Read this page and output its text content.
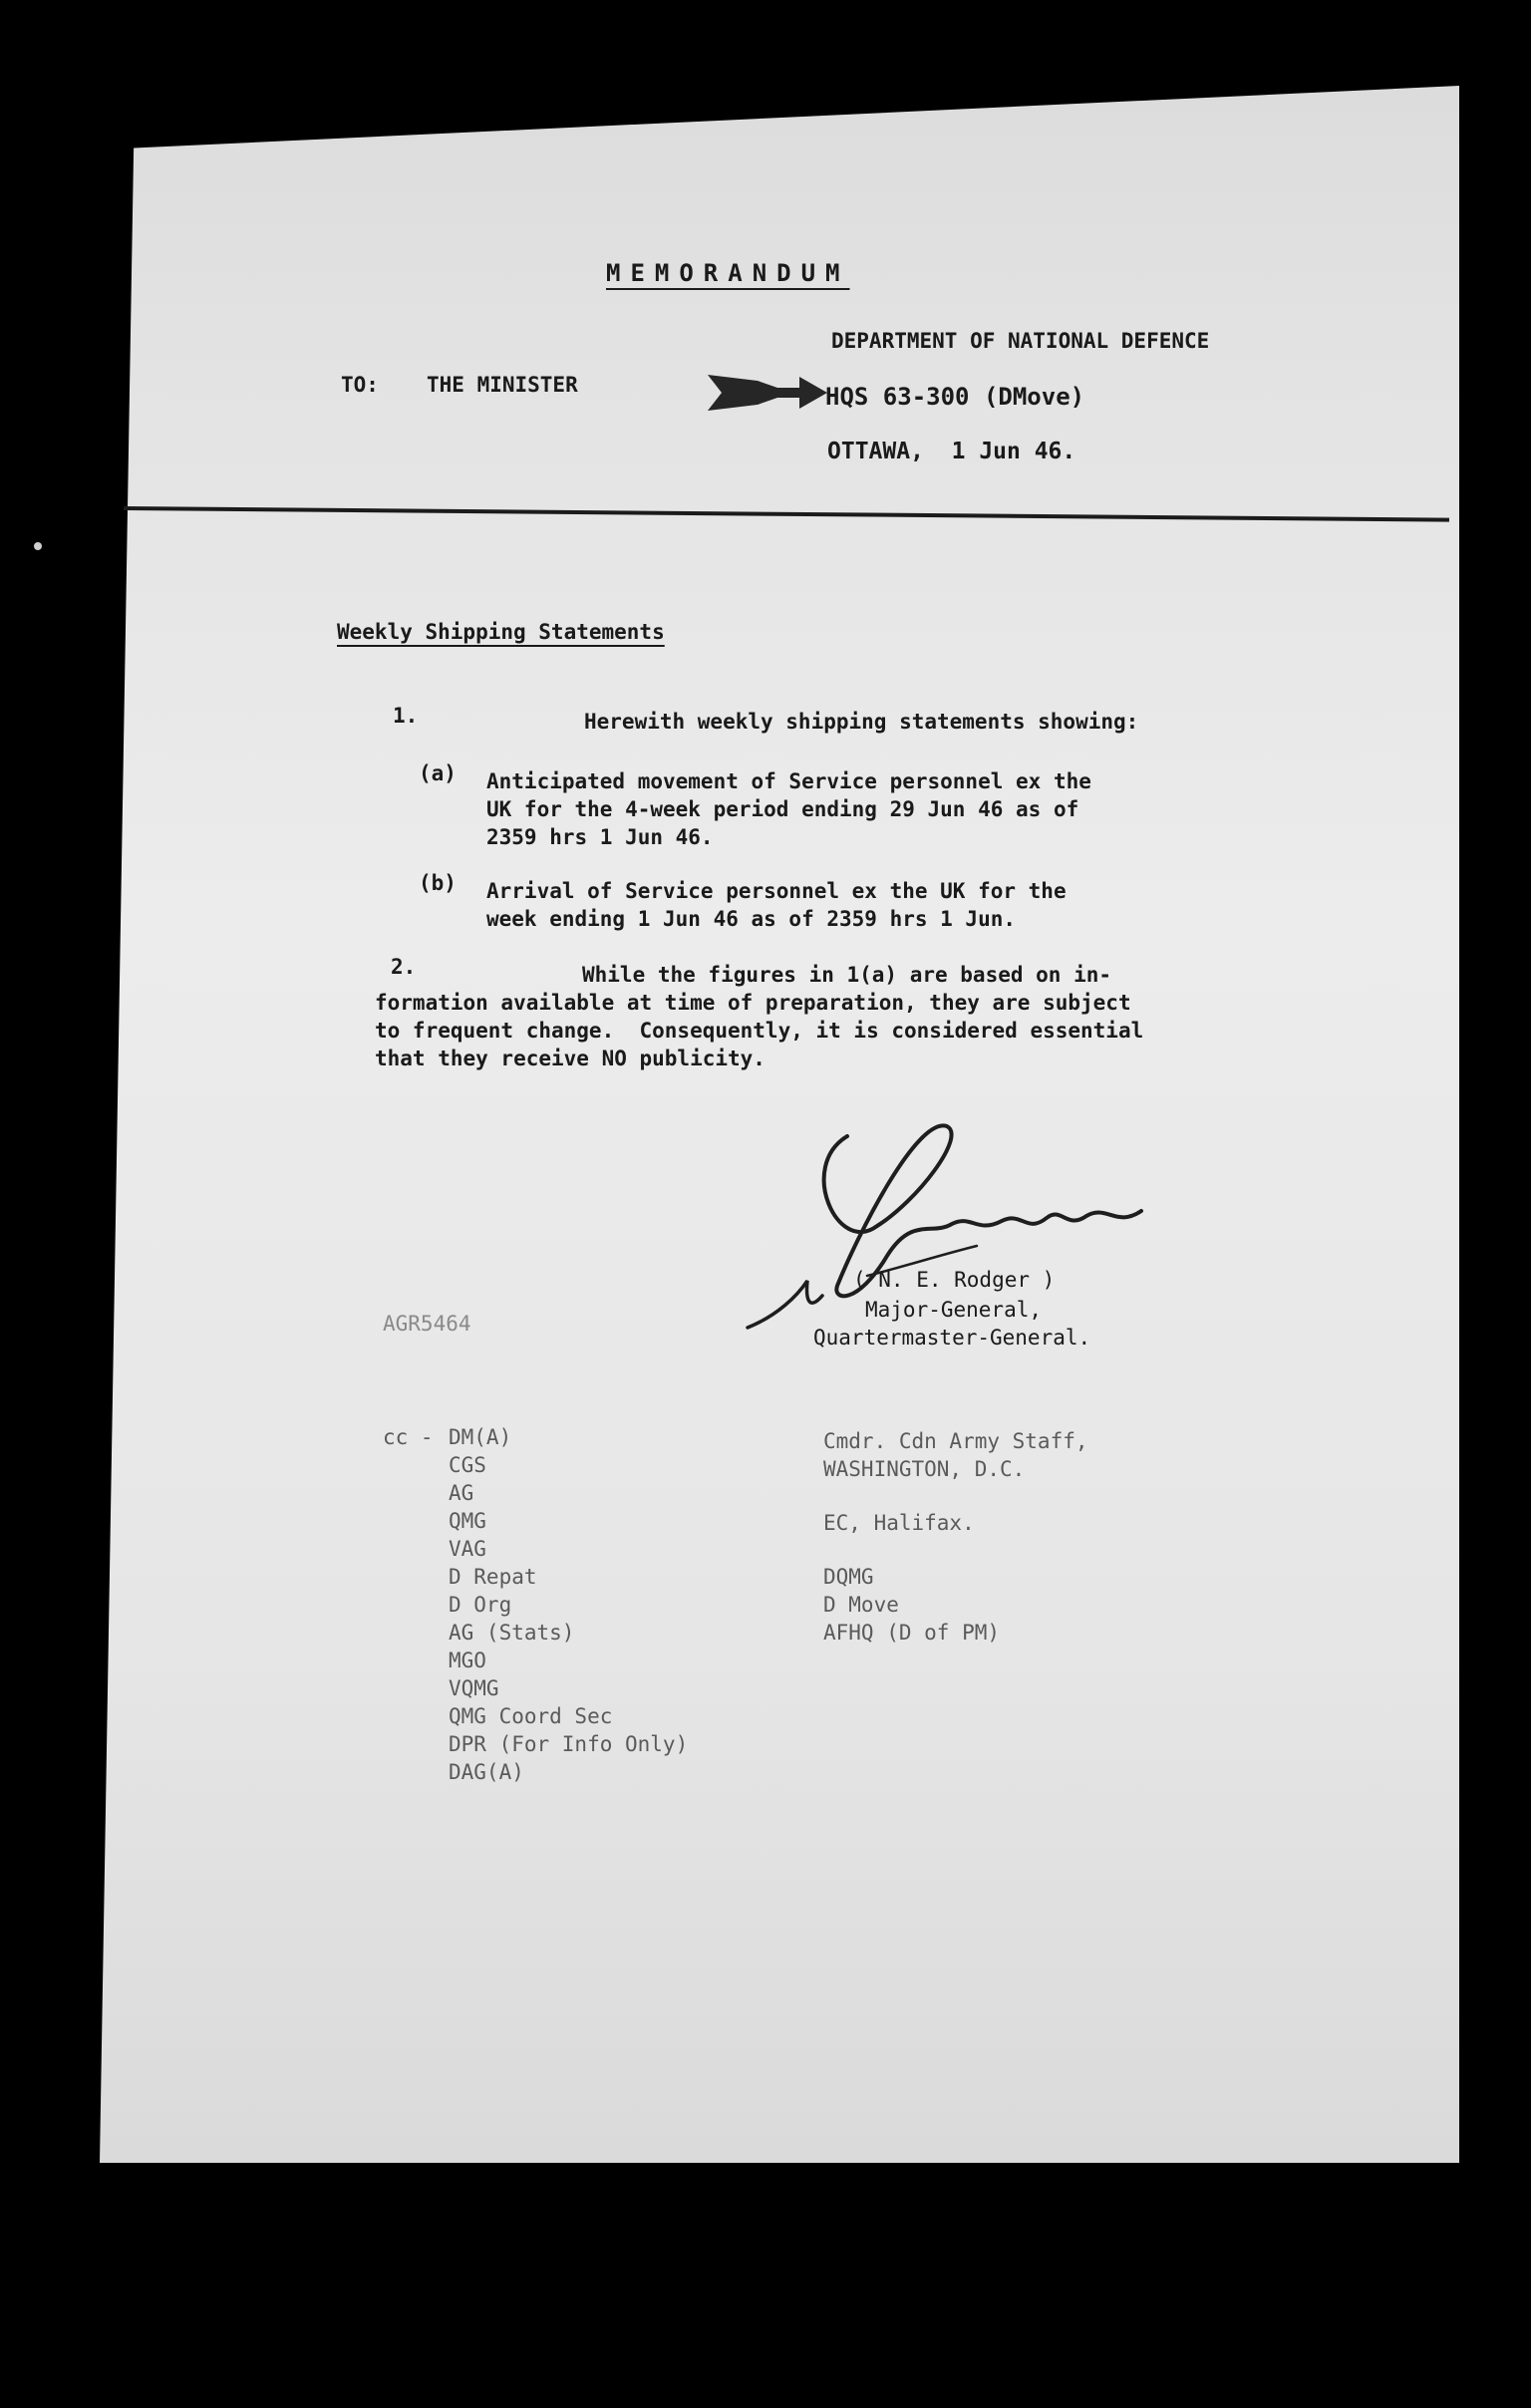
MEMORANDUM
DEPARTMENT OF NATIONAL DEFENCE
TO: THE MINISTER	HQS 63-300 (DMove)
OTTAWA,  1 Jun 46.
Weekly Shipping Statements
1.	Herewith weekly shipping statements showing:
(a) Anticipated movement of Service personnel ex the
UK for the 4-week period ending 29 Jun 46 as of
2359 hrs 1 Jun 46.
(b) Arrival of Service personnel ex the UK for the
week ending 1 Jun 46 as of 2359 hrs 1 Jun.
2.	While the figures in 1(a) are based on in-
formation available at time of preparation, they are subject
to frequent change.  Consequently, it is considered essential
that they receive NO publicity.
( N. E. Rodger )
Major-General,
Quartermaster-General.
AGR5464
cc - DM(A)
CGS
AG
QMG
VAG
D Repat
D Org
AG (Stats)
MGO
VQMG
QMG Coord Sec
DPR (For Info Only)
DAG(A)
Cmdr. Cdn Army Staff,
WASHINGTON, D.C.
EC, Halifax.
DQMG
D Move
AFHQ (D of PM)
